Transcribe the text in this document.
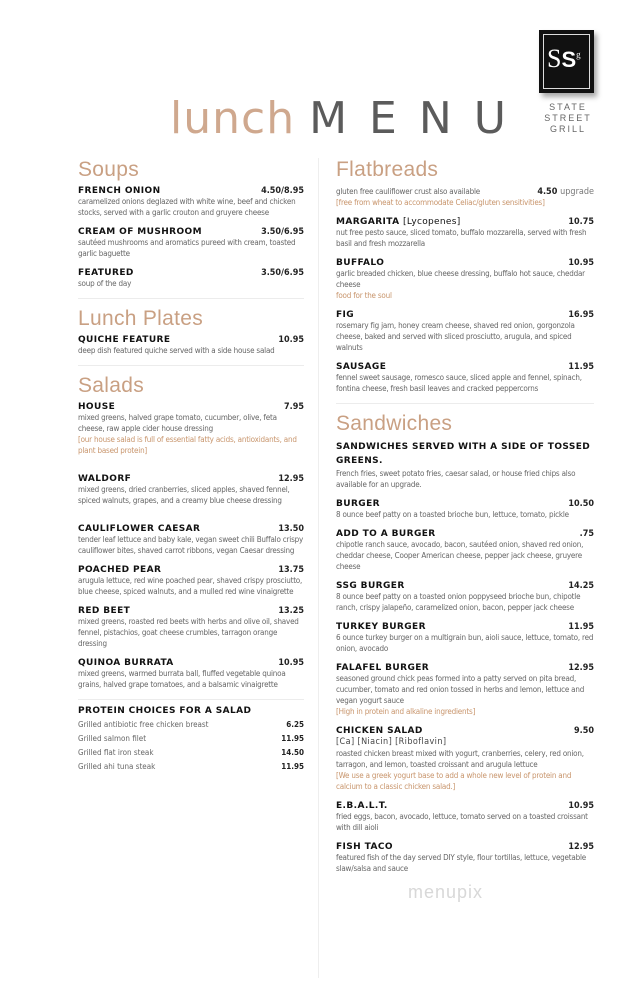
lunch MENU
$SS^g$
STATE
STREET
GRILL
Soups
FRENCH ONION	4.50/8.95
caramelized onions deglazed with white wine, beef and chicken stocks, served with a garlic crouton and gruyere cheese
CREAM OF MUSHROOM	3.50/6.95
sautéed mushrooms and aromatics pureed with cream, toasted garlic baguette
FEATURED	3.50/6.95
soup of the day
Lunch Plates
QUICHE FEATURE	10.95
deep dish featured quiche served with a side house salad
Salads
HOUSE	7.95
mixed greens, halved grape tomato, cucumber, olive, feta cheese, raw apple cider house dressing
[our house salad is full of essential fatty acids, antioxidants, and plant based protein]
WALDORF	12.95
mixed greens, dried cranberries, sliced apples, shaved fennel, spiced walnuts, grapes, and a creamy blue cheese dressing
CAULIFLOWER CAESAR	13.50
tender leaf lettuce and baby kale, vegan sweet chili Buffalo crispy cauliflower bites, shaved carrot ribbons, vegan Caesar dressing
POACHED PEAR	13.75
arugula lettuce, red wine poached pear, shaved crispy prosciutto, blue cheese, spiced walnuts, and a mulled red wine vinaigrette
RED BEET	13.25
mixed greens, roasted red beets with herbs and olive oil, shaved fennel, pistachios, goat cheese crumbles, tarragon orange dressing
QUINOA BURRATA	10.95
mixed greens, warmed burrata ball, fluffed vegetable quinoa grains, halved grape tomatoes, and a balsamic vinaigrette
PROTEIN CHOICES FOR A SALAD
Grilled antibiotic free chicken breast	6.25
Grilled salmon filet	11.95
Grilled flat iron steak	14.50
Grilled ahi tuna steak	11.95
Flatbreads
gluten free cauliflower crust also available	4.50 upgrade
[free from wheat to accommodate Celiac/gluten sensitivities]
MARGARITA [Lycopenes]	10.75
nut free pesto sauce, sliced tomato, buffalo mozzarella, served with fresh basil and fresh mozzarella
BUFFALO	10.95
garlic breaded chicken, blue cheese dressing, buffalo hot sauce, cheddar cheese
food for the soul
FIG	16.95
rosemary fig jam, honey cream cheese, shaved red onion, gorgonzola cheese, baked and served with sliced prosciutto, arugula, and spiced walnuts
SAUSAGE	11.95
fennel sweet sausage, romesco sauce, sliced apple and fennel, spinach, fontina cheese, fresh basil leaves and cracked peppercorns
Sandwiches
SANDWICHES SERVED WITH A SIDE OF TOSSED GREENS.
French fries, sweet potato fries, caesar salad, or house fried chips also available for an upgrade.
BURGER	10.50
8 ounce beef patty on a toasted brioche bun, lettuce, tomato, pickle
ADD TO A BURGER	.75
chipotle ranch sauce, avocado, bacon, sautéed onion, shaved red onion, cheddar cheese, Cooper American cheese, pepper jack cheese, gruyere cheese
SSG BURGER	14.25
8 ounce beef patty on a toasted onion poppyseed brioche bun, chipotle ranch, crispy jalapeño, caramelized onion, bacon, pepper jack cheese
TURKEY BURGER	11.95
6 ounce turkey burger on a multigrain bun, aioli sauce, lettuce, tomato, red onion, avocado
FALAFEL BURGER	12.95
seasoned ground chick peas formed into a patty served on pita bread, cucumber, tomato and red onion tossed in herbs and lemon, lettuce and vegan yogurt sauce
[High in protein and alkaline ingredients]
CHICKEN SALAD	9.50
[Ca] [Niacin] [Riboflavin]
roasted chicken breast mixed with yogurt, cranberries, celery, red onion, tarragon, and lemon, toasted croissant and arugula lettuce
[We use a greek yogurt base to add a whole new level of protein and calcium to a classic chicken salad.]
E.B.A.L.T.	10.95
fried eggs, bacon, avocado, lettuce, tomato served on a toasted croissant with dill aioli
FISH TACO	12.95
featured fish of the day served DIY style, flour tortillas, lettuce, vegetable slaw/salsa and sauce
menupix
